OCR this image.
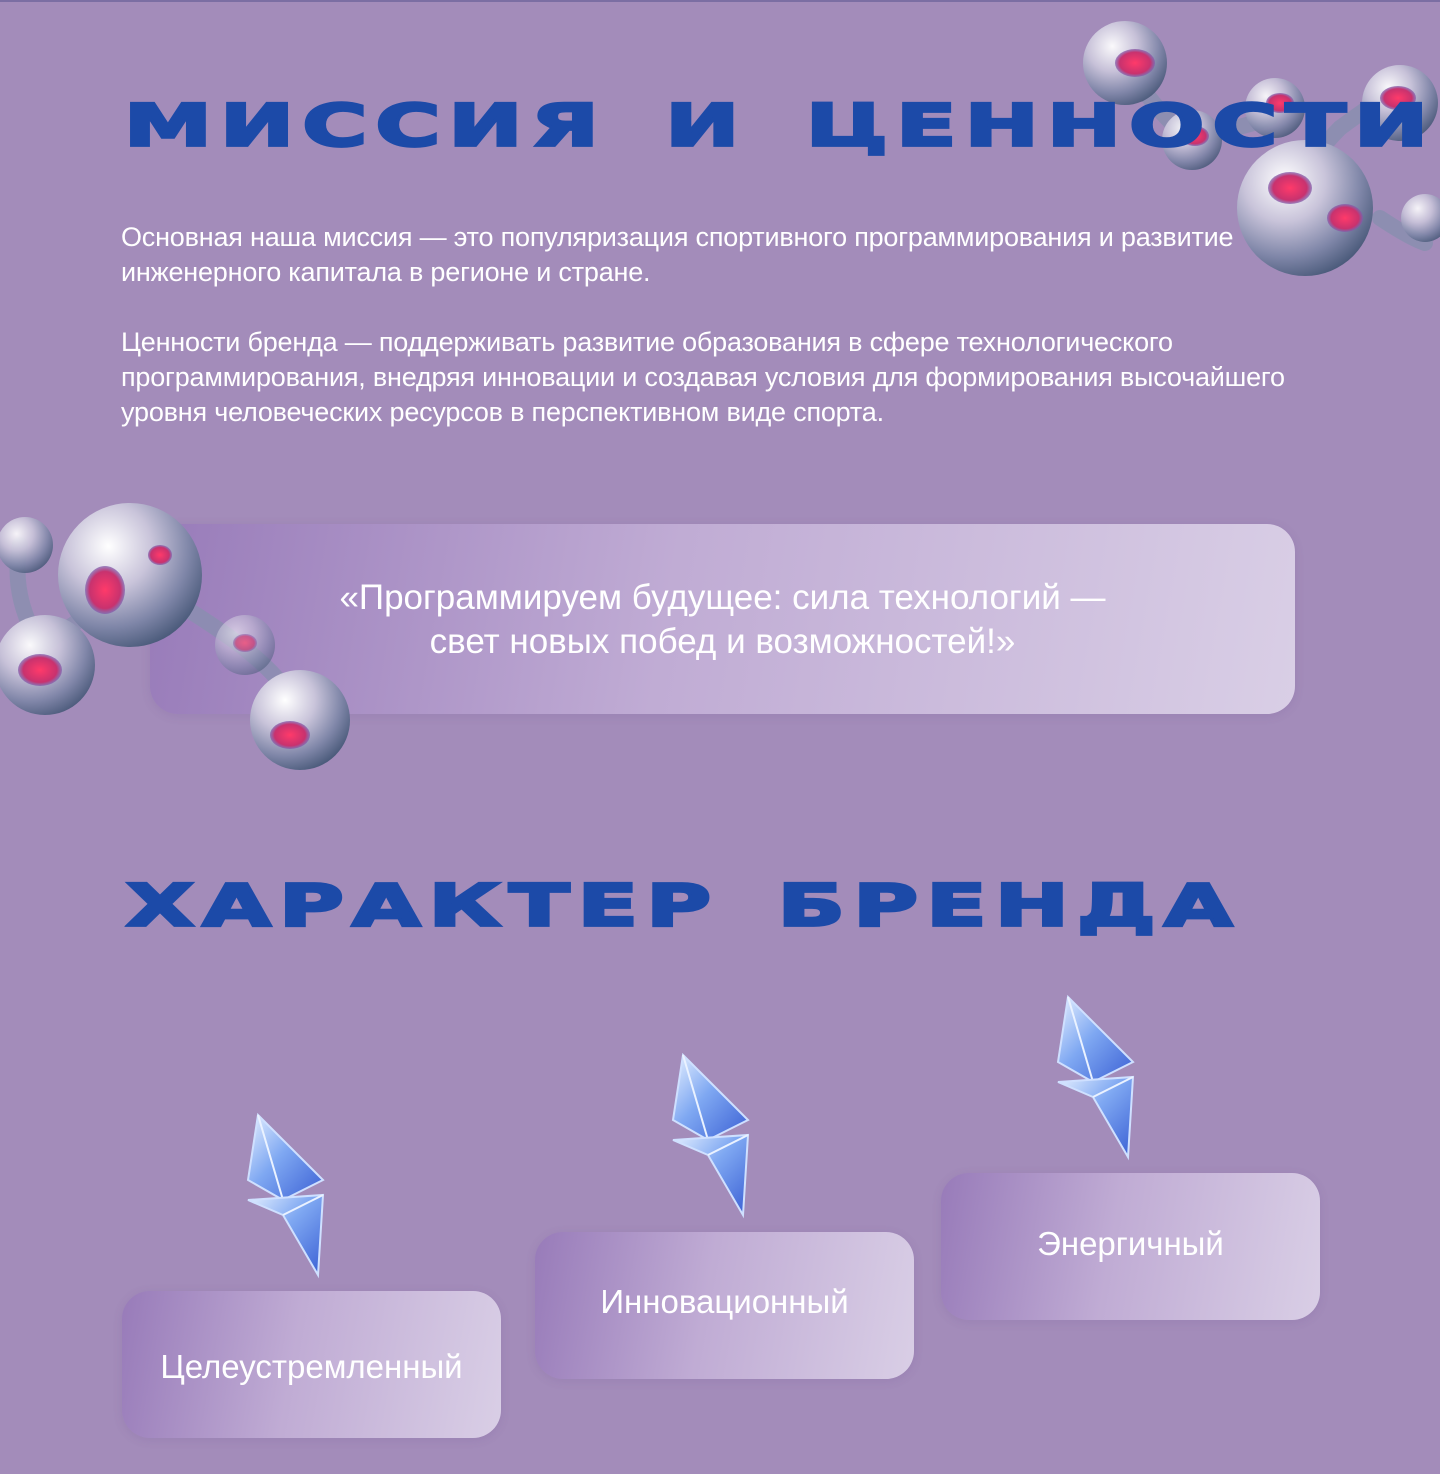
МИССИЯ И ЦЕННОСТИ

Основная наша миссия — это популяризация спортивного программирования и развитие инженерного капитала в регионе и стране.

Ценности бренда — поддерживать развитие образования в сфере технологического программирования, внедряя инновации и создавая условия для формирования высочайшего уровня человеческих ресурсов в перспективном виде спорта.

«Программируем будущее: сила технологий —
свет новых побед и возможностей!»
ХАРАКТЕР БРЕНДА
Целеустремленный
Инновационный
Энергичный
